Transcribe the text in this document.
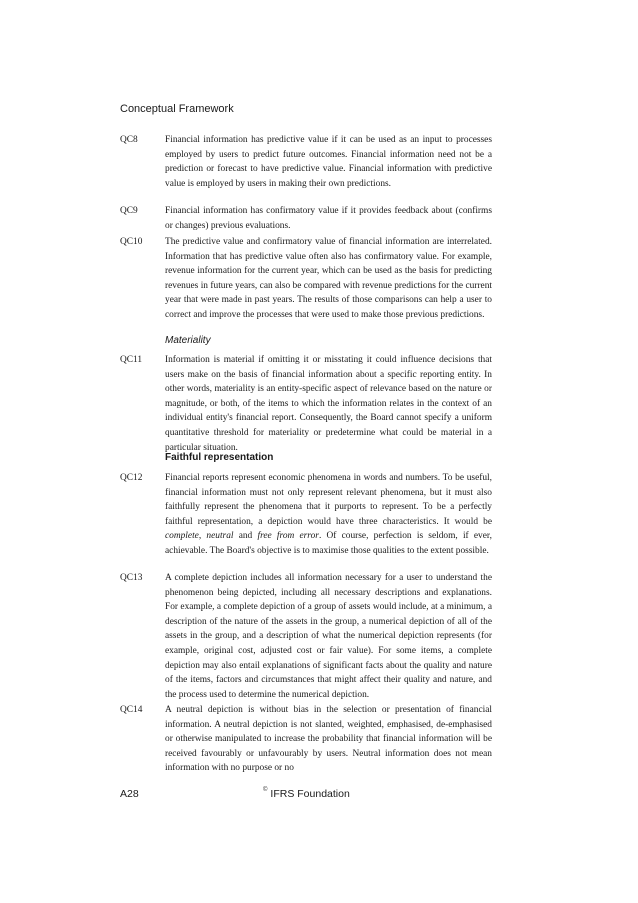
Conceptual Framework
QC8	Financial information has predictive value if it can be used as an input to processes employed by users to predict future outcomes. Financial information need not be a prediction or forecast to have predictive value. Financial information with predictive value is employed by users in making their own predictions.
QC9	Financial information has confirmatory value if it provides feedback about (confirms or changes) previous evaluations.
QC10	The predictive value and confirmatory value of financial information are interrelated. Information that has predictive value often also has confirmatory value. For example, revenue information for the current year, which can be used as the basis for predicting revenues in future years, can also be compared with revenue predictions for the current year that were made in past years. The results of those comparisons can help a user to correct and improve the processes that were used to make those previous predictions.
Materiality
QC11	Information is material if omitting it or misstating it could influence decisions that users make on the basis of financial information about a specific reporting entity. In other words, materiality is an entity-specific aspect of relevance based on the nature or magnitude, or both, of the items to which the information relates in the context of an individual entity's financial report. Consequently, the Board cannot specify a uniform quantitative threshold for materiality or predetermine what could be material in a particular situation.
Faithful representation
QC12	Financial reports represent economic phenomena in words and numbers. To be useful, financial information must not only represent relevant phenomena, but it must also faithfully represent the phenomena that it purports to represent. To be a perfectly faithful representation, a depiction would have three characteristics. It would be complete, neutral and free from error. Of course, perfection is seldom, if ever, achievable. The Board's objective is to maximise those qualities to the extent possible.
QC13	A complete depiction includes all information necessary for a user to understand the phenomenon being depicted, including all necessary descriptions and explanations. For example, a complete depiction of a group of assets would include, at a minimum, a description of the nature of the assets in the group, a numerical depiction of all of the assets in the group, and a description of what the numerical depiction represents (for example, original cost, adjusted cost or fair value). For some items, a complete depiction may also entail explanations of significant facts about the quality and nature of the items, factors and circumstances that might affect their quality and nature, and the process used to determine the numerical depiction.
QC14	A neutral depiction is without bias in the selection or presentation of financial information. A neutral depiction is not slanted, weighted, emphasised, de-emphasised or otherwise manipulated to increase the probability that financial information will be received favourably or unfavourably by users. Neutral information does not mean information with no purpose or no
A28	© IFRS Foundation
